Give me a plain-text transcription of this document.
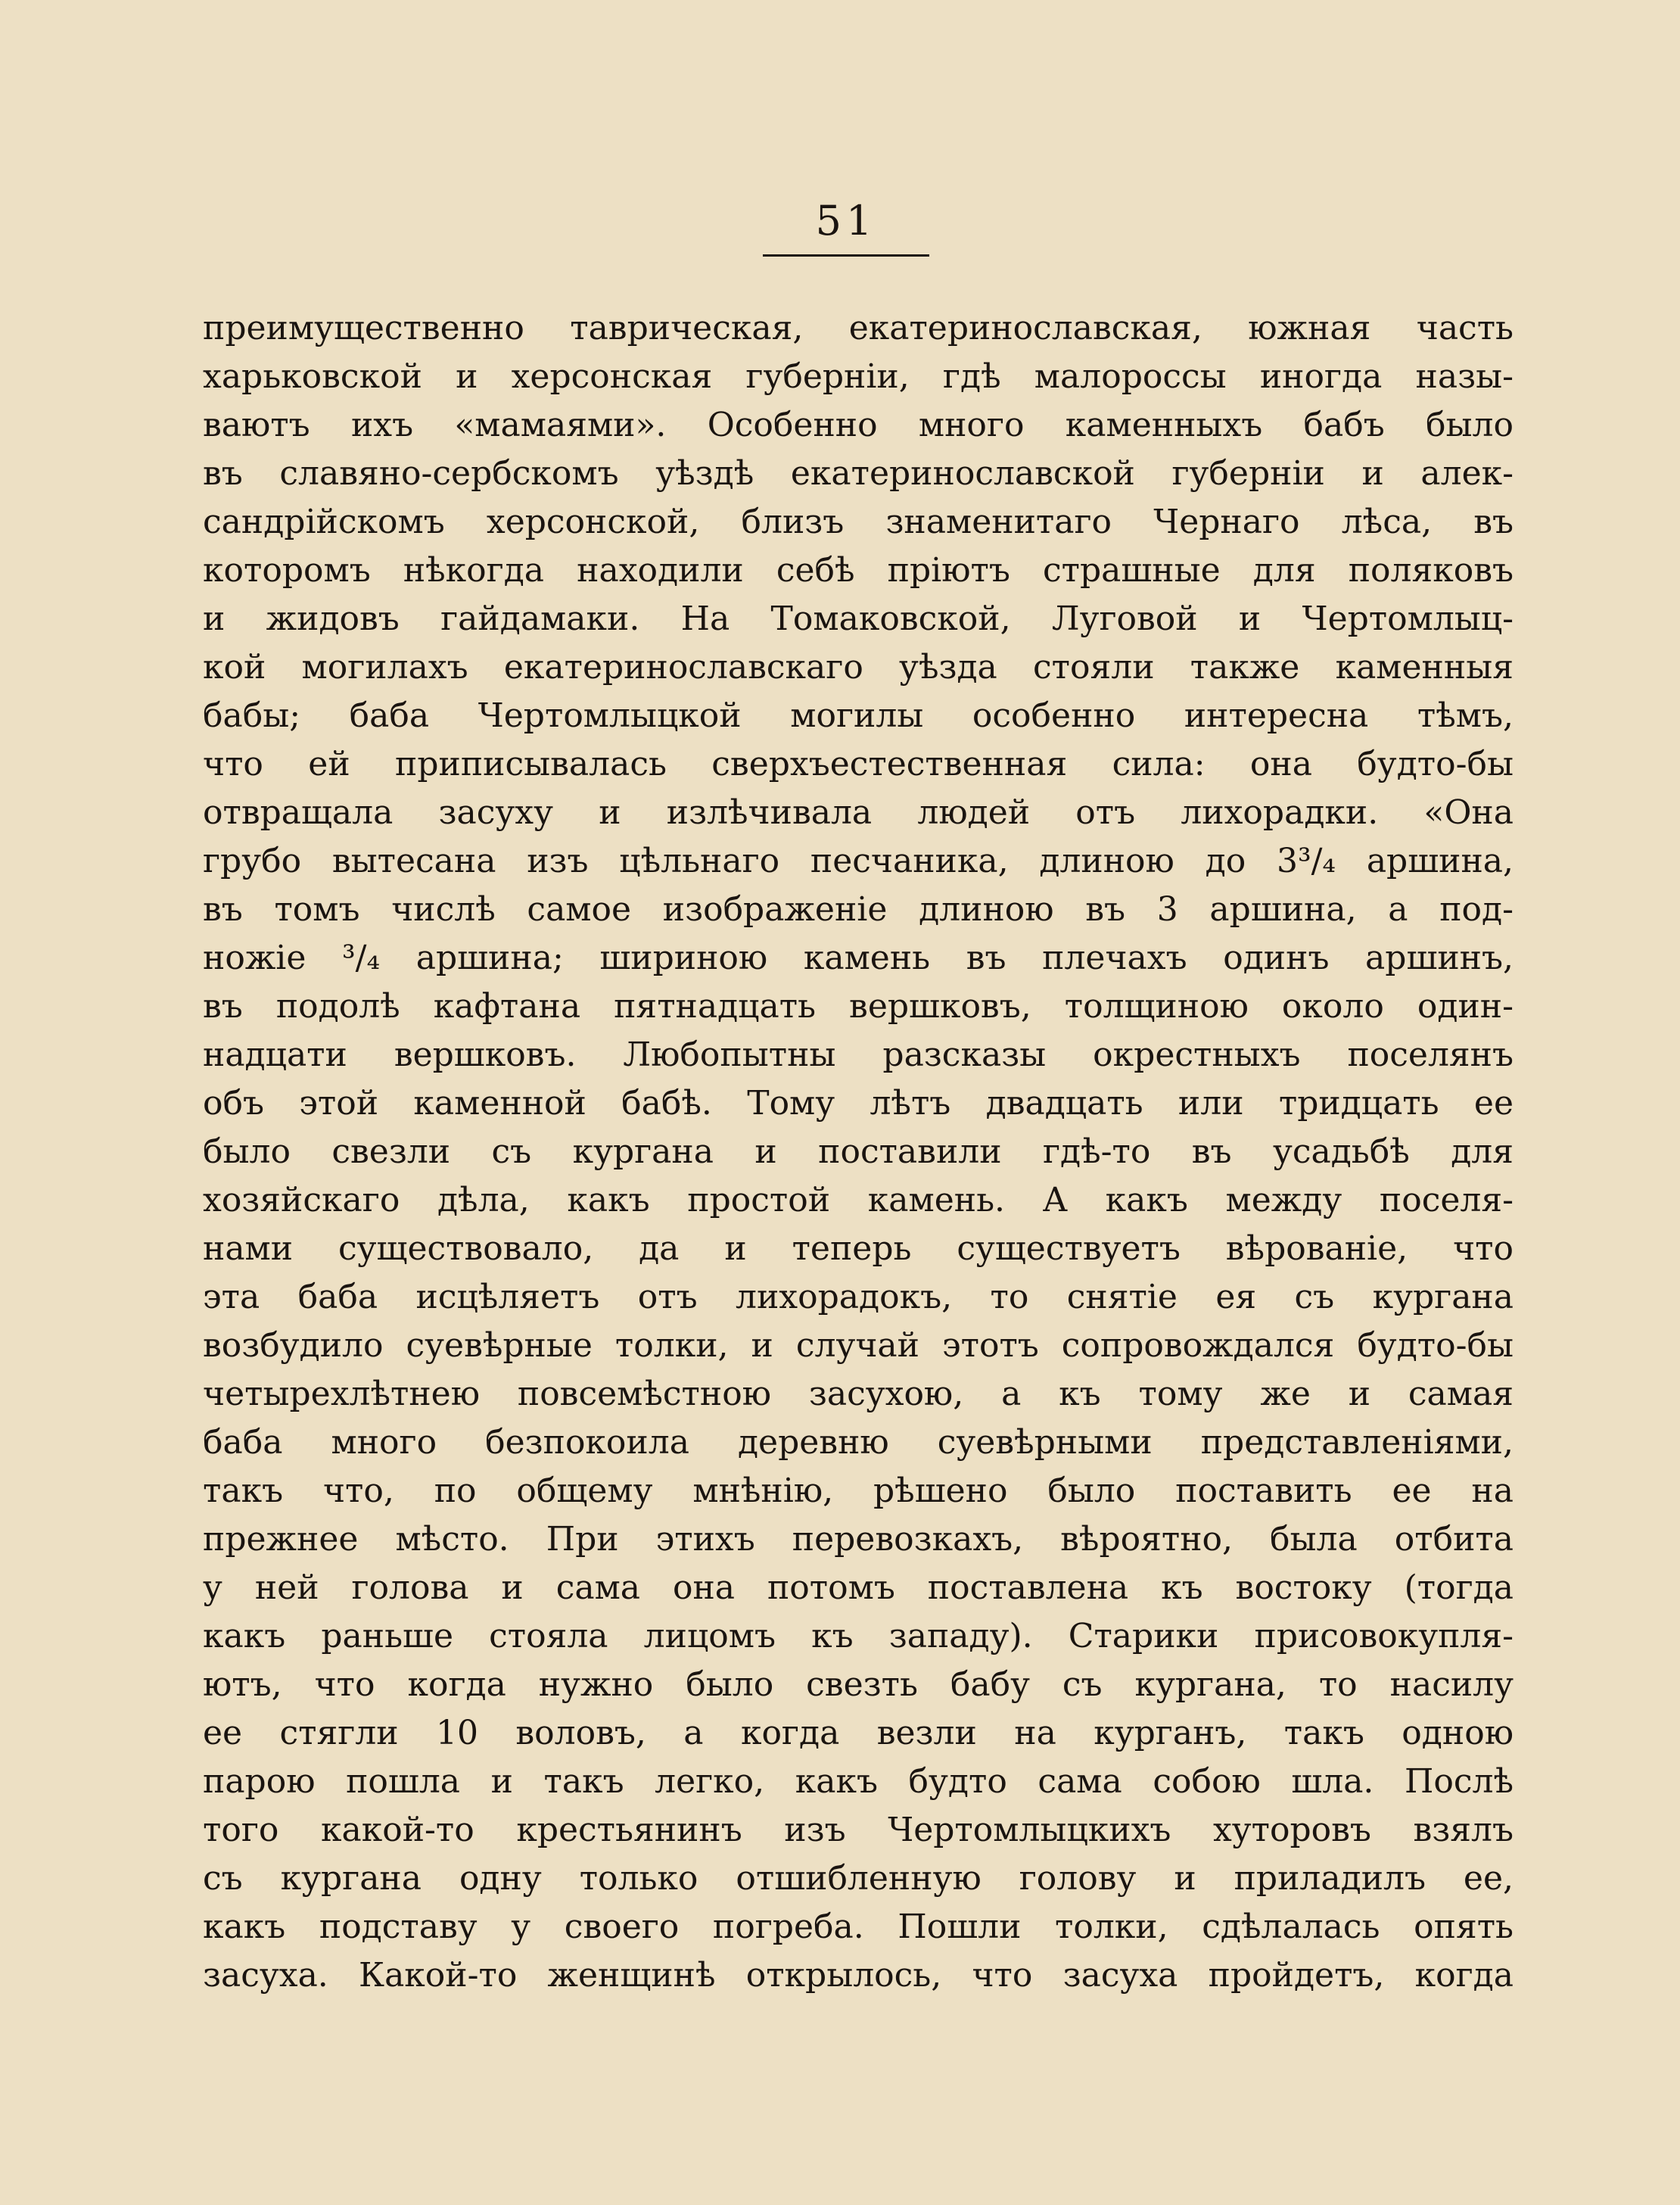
51
преимущественно таврическая, екатеринославская, южная часть
харьковской и херсонская губерніи, гдѣ малороссы иногда назы-
ваютъ ихъ «мамаями». Особенно много каменныхъ бабъ было
въ славяно-сербскомъ уѣздѣ екатеринославской губерніи и алек-
сандрійскомъ херсонской, близъ знаменитаго Чернаго лѣса, въ
которомъ нѣкогда находили себѣ пріютъ страшные для поляковъ
и жидовъ гайдамаки. На Томаковской, Луговой и Чертомлыц-
кой могилахъ екатеринославскаго уѣзда стояли также каменныя
бабы; баба Чертомлыцкой могилы особенно интересна тѣмъ,
что ей приписывалась сверхъестественная сила: она будто-бы
отвращала засуху и излѣчивала людей отъ лихорадки. «Она
грубо вытесана изъ цѣльнаго песчаника, длиною до 3³/₄ аршина,
въ томъ числѣ самое изображеніе длиною въ 3 аршина, а под-
ножіе ³/₄ аршина; шириною камень въ плечахъ одинъ аршинъ,
въ подолѣ кафтана пятнадцать вершковъ, толщиною около один-
надцати вершковъ. Любопытны разсказы окрестныхъ поселянъ
объ этой каменной бабѣ. Тому лѣтъ двадцать или тридцать ее
было свезли съ кургана и поставили гдѣ-то въ усадьбѣ для
хозяйскаго дѣла, какъ простой камень. А какъ между поселя-
нами существовало, да и теперь существуетъ вѣрованіе, что
эта баба исцѣляетъ отъ лихорадокъ, то снятіе ея съ кургана
возбудило суевѣрные толки, и случай этотъ сопровождался будто-бы
четырехлѣтнею повсемѣстною засухою, а къ тому же и самая
баба много безпокоила деревню суевѣрными представленіями,
такъ что, по общему мнѣнію, рѣшено было поставить ее на
прежнее мѣсто. При этихъ перевозкахъ, вѣроятно, была отбита
у ней голова и сама она потомъ поставлена къ востоку (тогда
какъ раньше стояла лицомъ къ западу). Старики присовокупля-
ютъ, что когда нужно было свезть бабу съ кургана, то насилу
ее стягли 10 воловъ, а когда везли на курганъ, такъ одною
парою пошла и такъ легко, какъ будто сама собою шла. Послѣ
того какой-то крестьянинъ изъ Чертомлыцкихъ хуторовъ взялъ
съ кургана одну только отшибленную голову и приладилъ ее,
какъ подставу у своего погреба. Пошли толки, сдѣлалась опять
засуха. Какой-то женщинѣ открылось, что засуха пройдетъ, когда
